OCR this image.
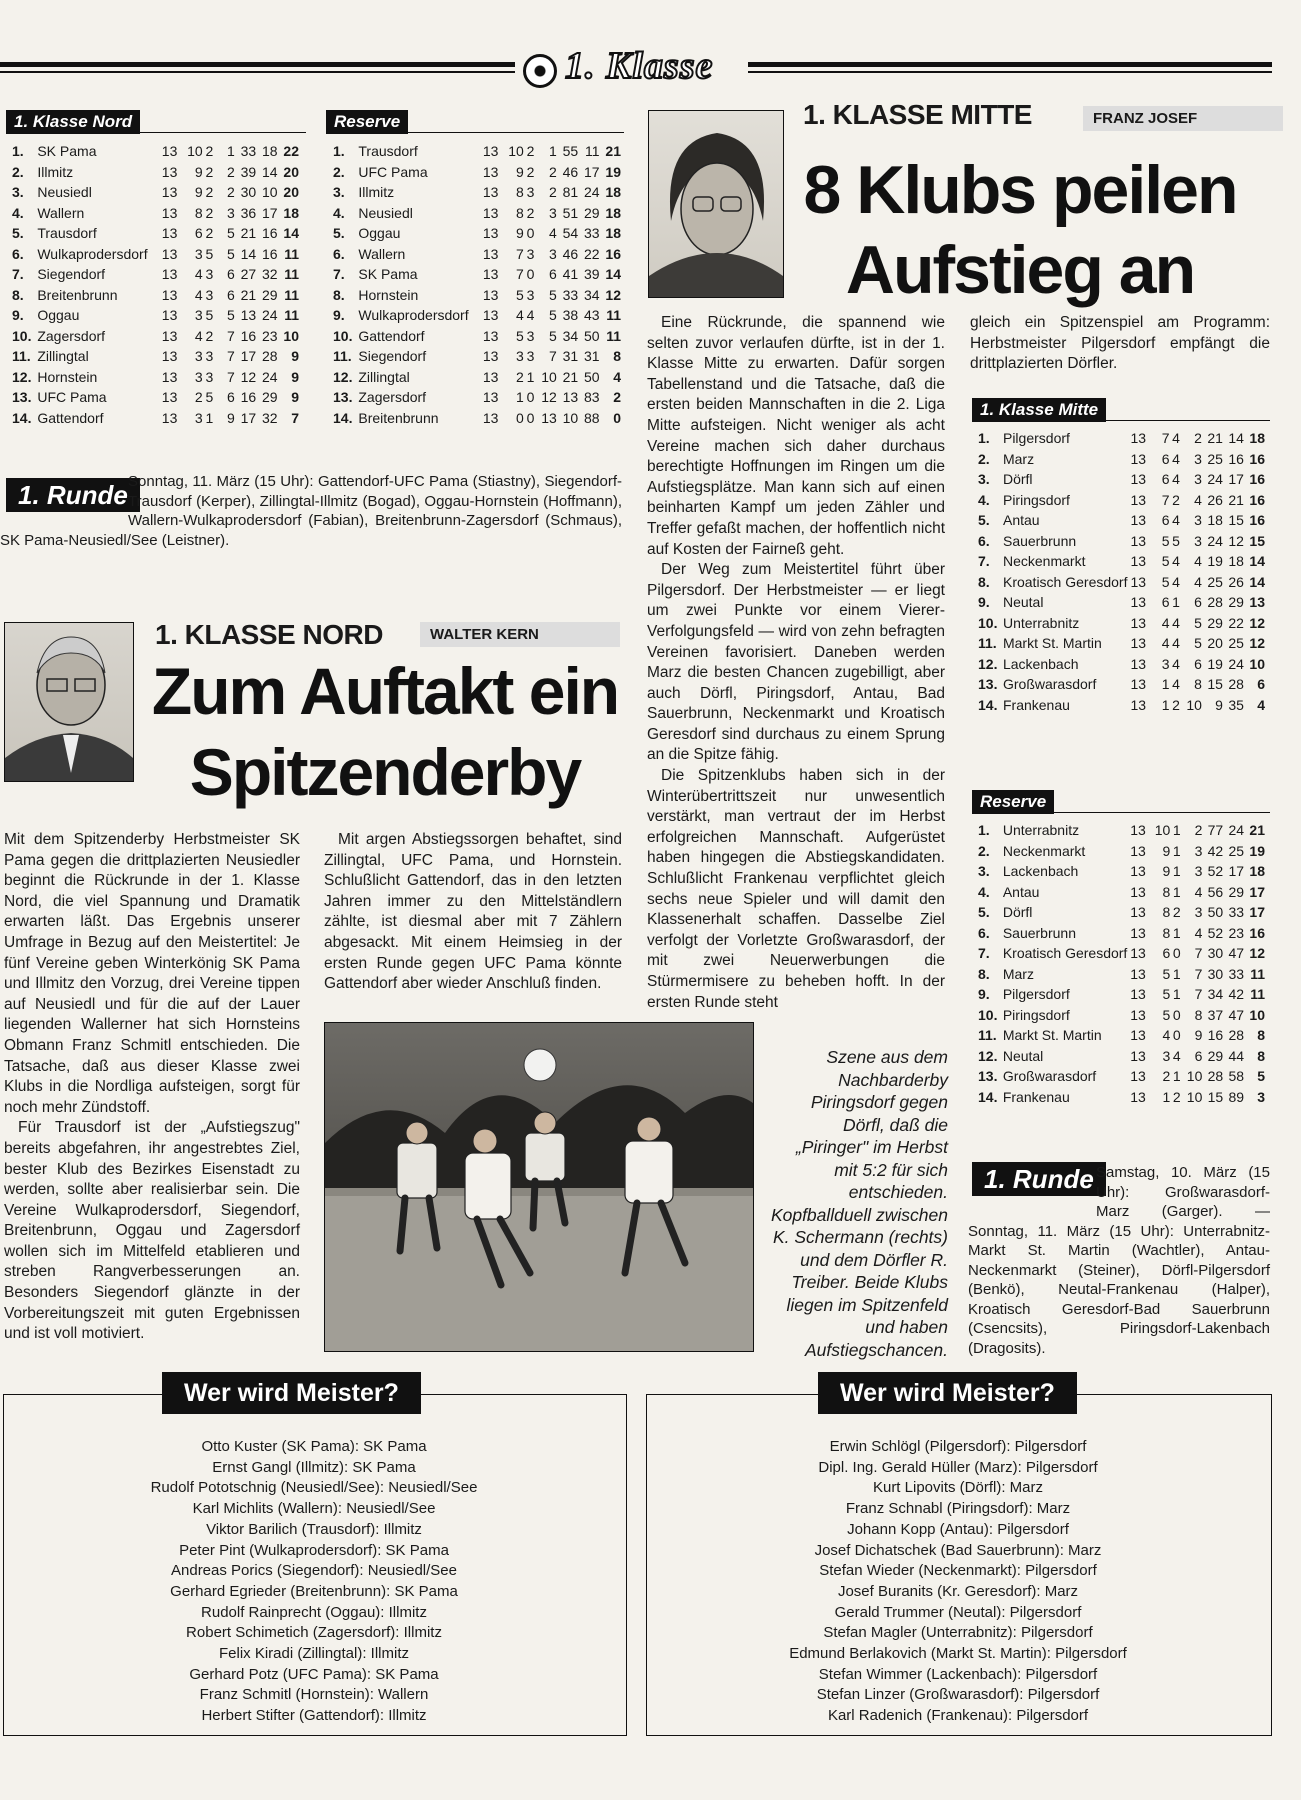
1. Klasse
1. Klasse Nord
1.	SK Pama	13	10	2	1	33	18	22
2.	Illmitz	13	9	2	2	39	14	20
3.	Neusiedl	13	9	2	2	30	10	20
4.	Wallern	13	8	2	3	36	17	18
5.	Trausdorf	13	6	2	5	21	16	14
6.	Wulkaprodersdorf	13	3	5	5	14	16	11
7.	Siegendorf	13	4	3	6	27	32	11
8.	Breitenbrunn	13	4	3	6	21	29	11
9.	Oggau	13	3	5	5	13	24	11
10.	Zagersdorf	13	4	2	7	16	23	10
11.	Zillingtal	13	3	3	7	17	28	9
12.	Hornstein	13	3	3	7	12	24	9
13.	UFC Pama	13	2	5	6	16	29	9
14.	Gattendorf	13	3	1	9	17	32	7
Reserve
1.	Trausdorf	13	10	2	1	55	11	21
2.	UFC Pama	13	9	2	2	46	17	19
3.	Illmitz	13	8	3	2	81	24	18
4.	Neusiedl	13	8	2	3	51	29	18
5.	Oggau	13	9	0	4	54	33	18
6.	Wallern	13	7	3	3	46	22	16
7.	SK Pama	13	7	0	6	41	39	14
8.	Hornstein	13	5	3	5	33	34	12
9.	Wulkaprodersdorf	13	4	4	5	38	43	11
10.	Gattendorf	13	5	3	5	34	50	11
11.	Siegendorf	13	3	3	7	31	31	8
12.	Zillingtal	13	2	1	10	21	50	4
13.	Zagersdorf	13	1	0	12	13	83	2
14.	Breitenbrunn	13	0	0	13	10	88	0
1. Runde Sonntag, 11. März (15 Uhr): Gattendorf-UFC Pama (Stiastny), Siegendorf-Trausdorf (Kerper), Zillingtal-Illmitz (Bogad), Oggau-Hornstein (Hoffmann), Wallern-Wulkaprodersdorf (Fabian), Breitenbrunn-Zagersdorf (Schmaus), SK Pama-Neusiedl/See (Leistner).
1. KLASSE NORD	WALTER KERN
Zum Auftakt ein
Spitzenderby

Mit dem Spitzenderby Herbstmeister SK Pama gegen die drittplazierten Neusiedler beginnt die Rückrunde in der 1. Klasse Nord, die viel Spannung und Dramatik erwarten läßt. Das Ergebnis unserer Umfrage in Bezug auf den Meistertitel: Je fünf Vereine geben Winterkönig SK Pama und Illmitz den Vorzug, drei Vereine tippen auf Neusiedl und für die auf der Lauer liegenden Wallerner hat sich Hornsteins Obmann Franz Schmitl entschieden. Die Tatsache, daß aus dieser Klasse zwei Klubs in die Nordliga aufsteigen, sorgt für noch mehr Zündstoff.

Für Trausdorf ist der „Aufstiegszug" bereits abgefahren, ihr angestrebtes Ziel, bester Klub des Bezirkes Eisenstadt zu werden, sollte aber realisierbar sein. Die Vereine Wulkaprodersdorf, Siegendorf, Breitenbrunn, Oggau und Zagersdorf wollen sich im Mittelfeld etablieren und streben Rangverbesserungen an. Besonders Siegendorf glänzte in der Vorbereitungszeit mit guten Ergebnissen und ist voll motiviert.

Mit argen Abstiegssorgen behaftet, sind Zillingtal, UFC Pama, und Hornstein. Schlußlicht Gattendorf, das in den letzten Jahren immer zu den Mittelständlern zählte, ist diesmal aber mit 7 Zählern abgesackt. Mit einem Heimsieg in der ersten Runde gegen UFC Pama könnte Gattendorf aber wieder Anschluß finden.

Szene aus dem Nachbarderby Piringsdorf gegen Dörfl, daß die „Piringer" im Herbst mit 5:2 für sich entschieden. Kopfballduell zwischen K. Schermann (rechts) und dem Dörfler R. Treiber. Beide Klubs liegen im Spitzenfeld und haben Aufstiegschancen.
1. KLASSE MITTE	FRANZ JOSEF
8 Klubs peilen
Aufstieg an

Eine Rückrunde, die spannend wie selten zuvor verlaufen dürfte, ist in der 1. Klasse Mitte zu erwarten. Dafür sorgen Tabellenstand und die Tatsache, daß die ersten beiden Mannschaften in die 2. Liga Mitte aufsteigen. Nicht weniger als acht Vereine machen sich daher durchaus berechtigte Hoffnungen im Ringen um die Aufstiegsplätze. Man kann sich auf einen beinharten Kampf um jeden Zähler und Treffer gefaßt machen, der hoffentlich nicht auf Kosten der Fairneß geht.

Der Weg zum Meistertitel führt über Pilgersdorf. Der Herbstmeister — er liegt um zwei Punkte vor einem Vierer-Verfolgungsfeld — wird von zehn befragten Vereinen favorisiert. Daneben werden Marz die besten Chancen zugebilligt, aber auch Dörfl, Piringsdorf, Antau, Bad Sauerbrunn, Neckenmarkt und Kroatisch Geresdorf sind durchaus zu einem Sprung an die Spitze fähig.

Die Spitzenklubs haben sich in der Winterübertrittszeit nur unwesentlich verstärkt, man vertraut der im Herbst erfolgreichen Mannschaft. Aufgerüstet haben hingegen die Abstiegskandidaten. Schlußlicht Frankenau verpflichtet gleich sechs neue Spieler und will damit den Klassenerhalt schaffen. Dasselbe Ziel verfolgt der Vorletzte Großwarasdorf, der mit zwei Neuerwerbungen die Stürmermisere zu beheben hofft. In der ersten Runde steht

gleich ein Spitzenspiel am Programm: Herbstmeister Pilgersdorf empfängt die drittplazierten Dörfler.

1. Klasse Mitte
1.	Pilgersdorf	13	7	4	2	21	14	18
2.	Marz	13	6	4	3	25	16	16
3.	Dörfl	13	6	4	3	24	17	16
4.	Piringsdorf	13	7	2	4	26	21	16
5.	Antau	13	6	4	3	18	15	16
6.	Sauerbrunn	13	5	5	3	24	12	15
7.	Neckenmarkt	13	5	4	4	19	18	14
8.	Kroatisch Geresdorf	13	5	4	4	25	26	14
9.	Neutal	13	6	1	6	28	29	13
10.	Unterrabnitz	13	4	4	5	29	22	12
11.	Markt St. Martin	13	4	4	5	20	25	12
12.	Lackenbach	13	3	4	6	19	24	10
13.	Großwarasdorf	13	1	4	8	15	28	6
14.	Frankenau	13	1	2	10	9	35	4
Reserve
1.	Unterrabnitz	13	10	1	2	77	24	21
2.	Neckenmarkt	13	9	1	3	42	25	19
3.	Lackenbach	13	9	1	3	52	17	18
4.	Antau	13	8	1	4	56	29	17
5.	Dörfl	13	8	2	3	50	33	17
6.	Sauerbrunn	13	8	1	4	52	23	16
7.	Kroatisch Geresdorf	13	6	0	7	30	47	12
8.	Marz	13	5	1	7	30	33	11
9.	Pilgersdorf	13	5	1	7	34	42	11
10.	Piringsdorf	13	5	0	8	37	47	10
11.	Markt St. Martin	13	4	0	9	16	28	8
12.	Neutal	13	3	4	6	29	44	8
13.	Großwarasdorf	13	2	1	10	28	58	5
14.	Frankenau	13	1	2	10	15	89	3
1. Runde Samstag, 10. März (15 Uhr): Großwarasdorf-Marz (Garger). — Sonntag, 11. März (15 Uhr): Unterrabnitz-Markt St. Martin (Wachtler), Antau-Neckenmarkt (Steiner), Dörfl-Pilgersdorf (Benkö), Neutal-Frankenau (Halper), Kroatisch Geresdorf-Bad Sauerbrunn (Csencsits), Piringsdorf-Lakenbach (Dragosits).
Wer wird Meister?
Otto Kuster (SK Pama): SK Pama
Ernst Gangl (Illmitz): SK Pama
Rudolf Pototschnig (Neusiedl/See): Neusiedl/See
Karl Michlits (Wallern): Neusiedl/See
Viktor Barilich (Trausdorf): Illmitz
Peter Pint (Wulkaprodersdorf): SK Pama
Andreas Porics (Siegendorf): Neusiedl/See
Gerhard Egrieder (Breitenbrunn): SK Pama
Rudolf Rainprecht (Oggau): Illmitz
Robert Schimetich (Zagersdorf): Illmitz
Felix Kiradi (Zillingtal): Illmitz
Gerhard Potz (UFC Pama): SK Pama
Franz Schmitl (Hornstein): Wallern
Herbert Stifter (Gattendorf): Illmitz
Wer wird Meister?
Erwin Schlögl (Pilgersdorf): Pilgersdorf
Dipl. Ing. Gerald Hüller (Marz): Pilgersdorf
Kurt Lipovits (Dörfl): Marz
Franz Schnabl (Piringsdorf): Marz
Johann Kopp (Antau): Pilgersdorf
Josef Dichatschek (Bad Sauerbrunn): Marz
Stefan Wieder (Neckenmarkt): Pilgersdorf
Josef Buranits (Kr. Geresdorf): Marz
Gerald Trummer (Neutal): Pilgersdorf
Stefan Magler (Unterrabnitz): Pilgersdorf
Edmund Berlakovich (Markt St. Martin): Pilgersdorf
Stefan Wimmer (Lackenbach): Pilgersdorf
Stefan Linzer (Großwarasdorf): Pilgersdorf
Karl Radenich (Frankenau): Pilgersdorf
